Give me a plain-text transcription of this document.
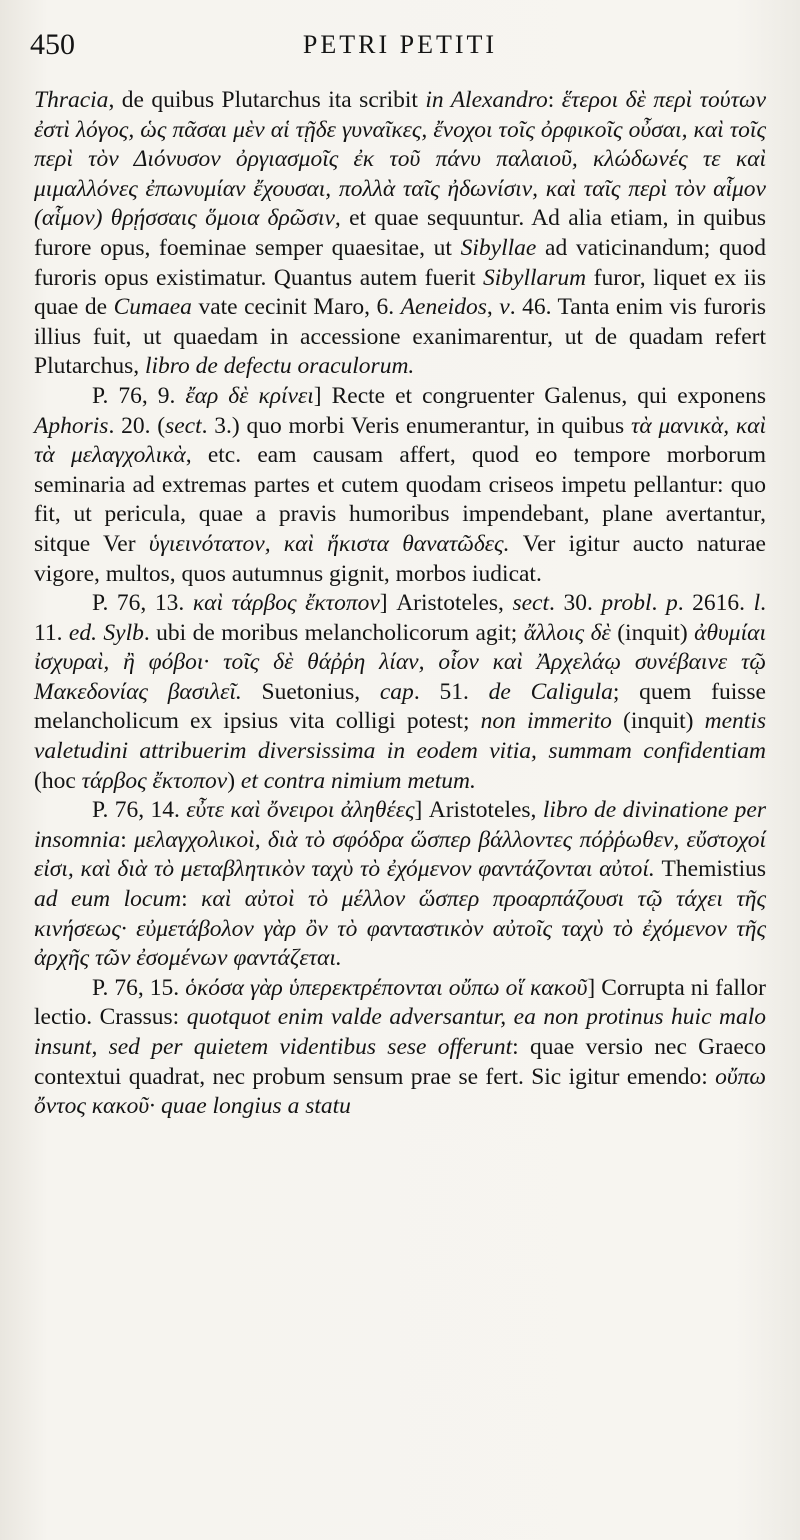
450	PETRI PETITI

Thracia, de quibus Plutarchus ita scribit in Alexandro: ἕτεροι δὲ περὶ τούτων ἐστὶ λόγος, ὡς πᾶσαι μὲν αἱ τῇδε γυναῖκες, ἔνοχοι τοῖς ὀρφικοῖς οὖσαι, καὶ τοῖς περὶ τὸν Διόνυσον ὀργιασμοῖς ἐκ τοῦ πάνυ παλαιοῦ, κλώδωνές τε καὶ μιμαλλόνες ἐπωνυμίαν ἔχουσαι, πολλὰ ταῖς ἠδωνίσιν, καὶ ταῖς περὶ τὸν αἷμον (αἷμον) θρῄσσαις ὅμοια δρῶσιν, et quae sequuntur. Ad alia etiam, in quibus furore opus, foeminae semper quaesitae, ut Sibyllae ad vaticinandum; quod furoris opus existimatur. Quantus autem fuerit Sibyllarum furor, liquet ex iis quae de Cumaea vate cecinit Maro, 6. Aeneidos, v. 46. Tanta enim vis furoris illius fuit, ut quaedam in accessione exanimarentur, ut de quadam refert Plutarchus, libro de defectu oraculorum.

P. 76, 9. ἔαρ δὲ κρίνει] Recte et congruenter Galenus, qui exponens Aphoris. 20. (sect. 3.) quo morbi Veris enumerantur, in quibus τὰ μανικὰ, καὶ τὰ μελαγχολικὰ, etc. eam causam affert, quod eo tempore morborum seminaria ad extremas partes et cutem quodam criseos impetu pellantur: quo fit, ut pericula, quae a pravis humoribus impendebant, plane avertantur, sitque Ver ὑγιεινότατον, καὶ ἥκιστα θανατῶδες. Ver igitur aucto naturae vigore, multos, quos autumnus gignit, morbos iudicat.

P. 76, 13. καὶ τάρβος ἔκτοπον] Aristoteles, sect. 30. probl. p. 2616. l. 11. ed. Sylb. ubi de moribus melancholicorum agit; ἄλλοις δὲ (inquit) ἀθυμίαι ἰσχυραὶ, ἢ φόβοι· τοῖς δὲ θάῤῥη λίαν, οἷον καὶ Ἀρχελάῳ συνέβαινε τῷ Μακεδονίας βασιλεῖ. Suetonius, cap. 51. de Caligula; quem fuisse melancholicum ex ipsius vita colligi potest; non immerito (inquit) mentis valetudini attribuerim diversissima in eodem vitia, summam confidentiam (hoc τάρβος ἔκτοπον) et contra nimium metum.

P. 76, 14. εὖτε καὶ ὄνειροι ἀληθέες] Aristoteles, libro de divinatione per insomnia: μελαγχολικοὶ, διὰ τὸ σφόδρα ὥσπερ βάλλοντες πόῤῥωθεν, εὔστοχοί εἰσι, καὶ διὰ τὸ μεταβλητικὸν ταχὺ τὸ ἐχόμενον φαντάζονται αὐτοί. Themistius ad eum locum: καὶ αὐτοὶ τὸ μέλλον ὥσπερ προαρπάζουσι τῷ τάχει τῆς κινήσεως· εὐμετάβολον γὰρ ὂν τὸ φανταστικὸν αὐτοῖς ταχὺ τὸ ἐχόμενον τῆς ἀρχῆς τῶν ἐσομένων φαντάζεται.

P. 76, 15. ὁκόσα γὰρ ὑπερεκτρέπονται οὔπω οἵ κακοῦ] Corrupta ni fallor lectio. Crassus: quotquot enim valde adversantur, ea non protinus huic malo insunt, sed per quietem videntibus sese offerunt: quae versio nec Graeco contextui quadrat, nec probum sensum prae se fert. Sic igitur emendo: οὔπω ὄντος κακοῦ· quae longius a statu
